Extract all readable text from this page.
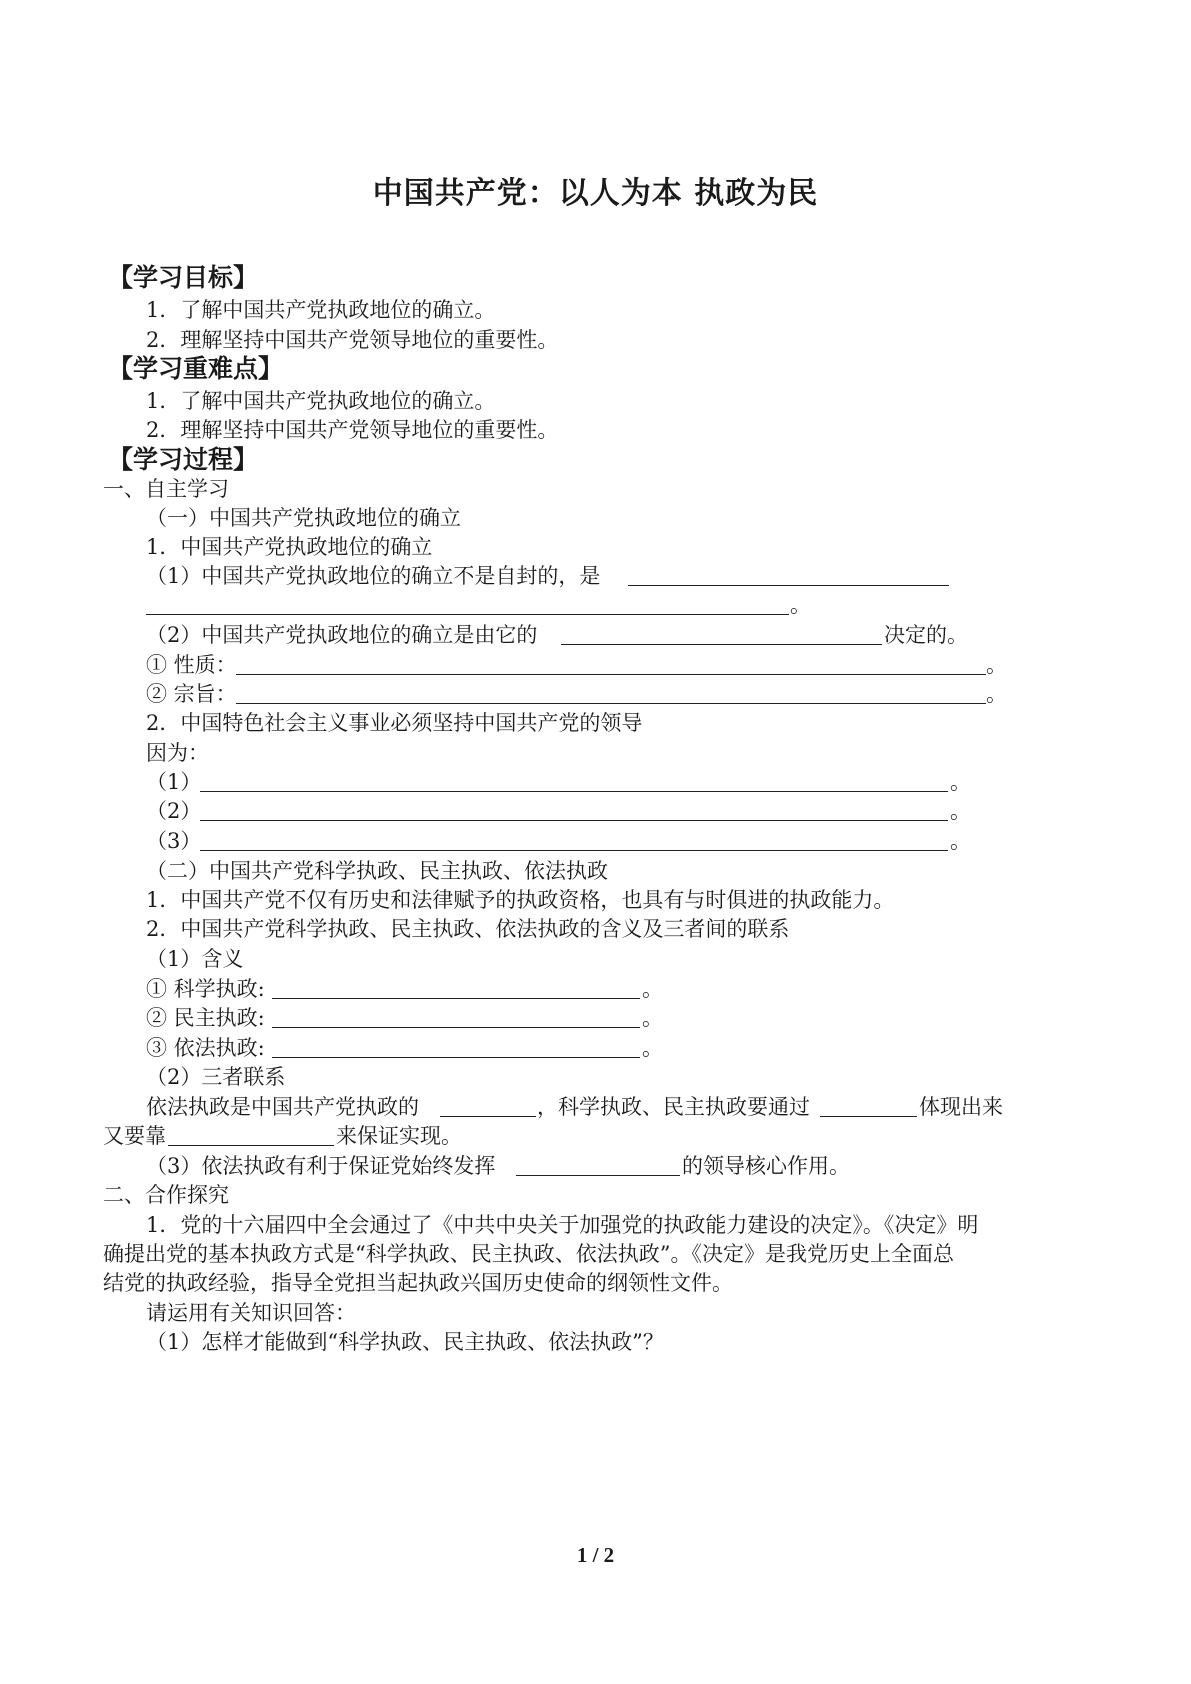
中国共产党：以人为本 执政为民
【学习目标】
1．了解中国共产党执政地位的确立。
2．理解坚持中国共产党领导地位的重要性。
【学习重难点】
1．了解中国共产党执政地位的确立。
2．理解坚持中国共产党领导地位的重要性。
【学习过程】
一、自主学习
（一）中国共产党执政地位的确立
1．中国共产党执政地位的确立
（1）中国共产党执政地位的确立不是自封的，是
。
（2）中国共产党执政地位的确立是由它的	决定的。
① 性质：	。
② 宗旨：	。
2．中国特色社会主义事业必须坚持中国共产党的领导
因为：
（1）	。
（2）	。
（3）	。
（二）中国共产党科学执政、民主执政、依法执政
1．中国共产党不仅有历史和法律赋予的执政资格，也具有与时俱进的执政能力。
2．中国共产党科学执政、民主执政、依法执政的含义及三者间的联系
（1）含义
① 科学执政:	。
② 民主执政:	。
③ 依法执政:	。
（2）三者联系
依法执政是中国共产党执政的	，科学执政、民主执政要通过	体现出来
又要靠	来保证实现。
（3）依法执政有利于保证党始终发挥	的领导核心作用。
二、合作探究
1．党的十六届四中全会通过了《中共中央关于加强党的执政能力建设的决定》。《决定》明
确提出党的基本执政方式是“科学执政、民主执政、依法执政”。《决定》是我党历史上全面总
结党的执政经验，指导全党担当起执政兴国历史使命的纲领性文件。
请运用有关知识回答：
（1）怎样才能做到“科学执政、民主执政、依法执政”？
1 / 2
